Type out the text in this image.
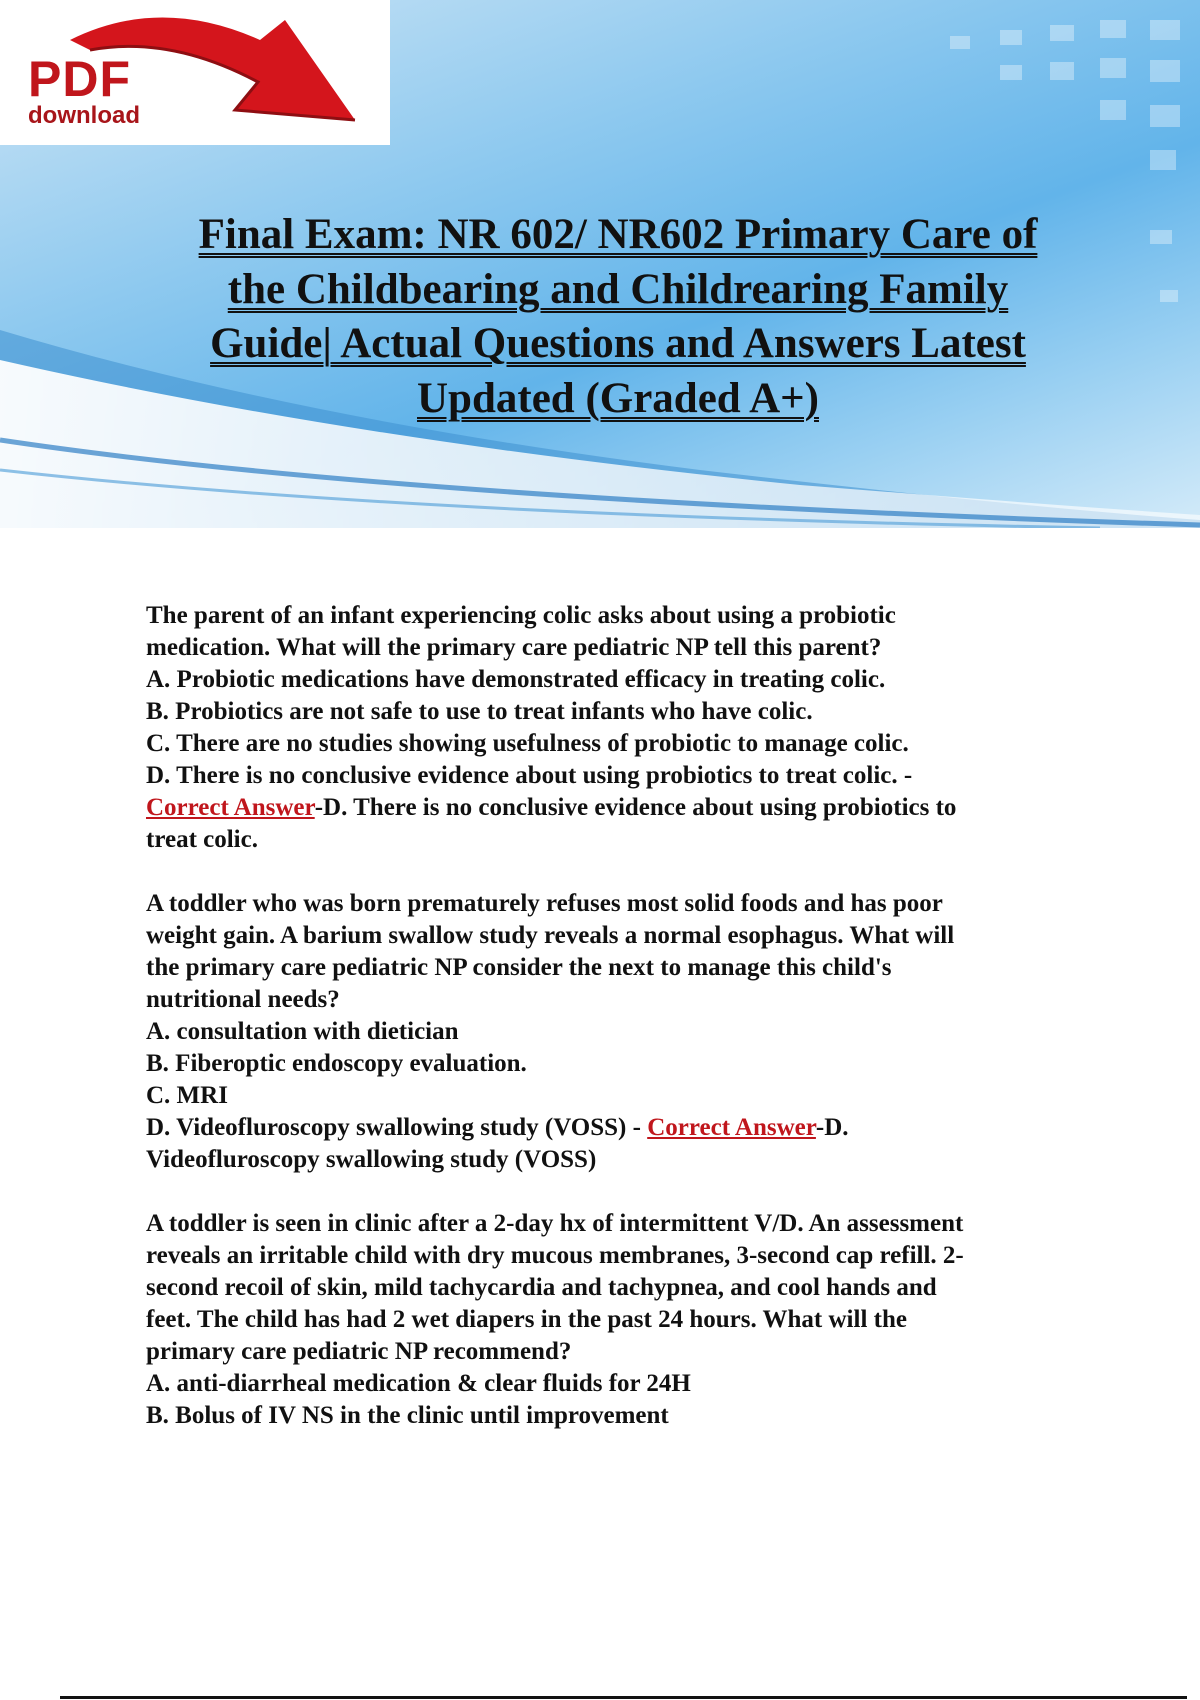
PDF
download
Final Exam: NR 602/ NR602 Primary Care of
the Childbearing and Childrearing Family
Guide| Actual Questions and Answers Latest
Updated (Graded A+)
The parent of an infant experiencing colic asks about using a probiotic
medication. What will the primary care pediatric NP tell this parent?
A. Probiotic medications have demonstrated efficacy in treating colic.
B. Probiotics are not safe to use to treat infants who have colic.
C. There are no studies showing usefulness of probiotic to manage colic.
D. There is no conclusive evidence about using probiotics to treat colic. -
Correct Answer-D. There is no conclusive evidence about using probiotics to
treat colic.
A toddler who was born prematurely refuses most solid foods and has poor
weight gain. A barium swallow study reveals a normal esophagus. What will
the primary care pediatric NP consider the next to manage this child's
nutritional needs?
A. consultation with dietician
B. Fiberoptic endoscopy evaluation.
C. MRI
D. Videofluroscopy swallowing study (VOSS) - Correct Answer-D.
Videofluroscopy swallowing study (VOSS)
A toddler is seen in clinic after a 2-day hx of intermittent V/D. An assessment
reveals an irritable child with dry mucous membranes, 3-second cap refill. 2-
second recoil of skin, mild tachycardia and tachypnea, and cool hands and
feet. The child has had 2 wet diapers in the past 24 hours. What will the
primary care pediatric NP recommend?
A. anti-diarrheal medication & clear fluids for 24H
B. Bolus of IV NS in the clinic until improvement
